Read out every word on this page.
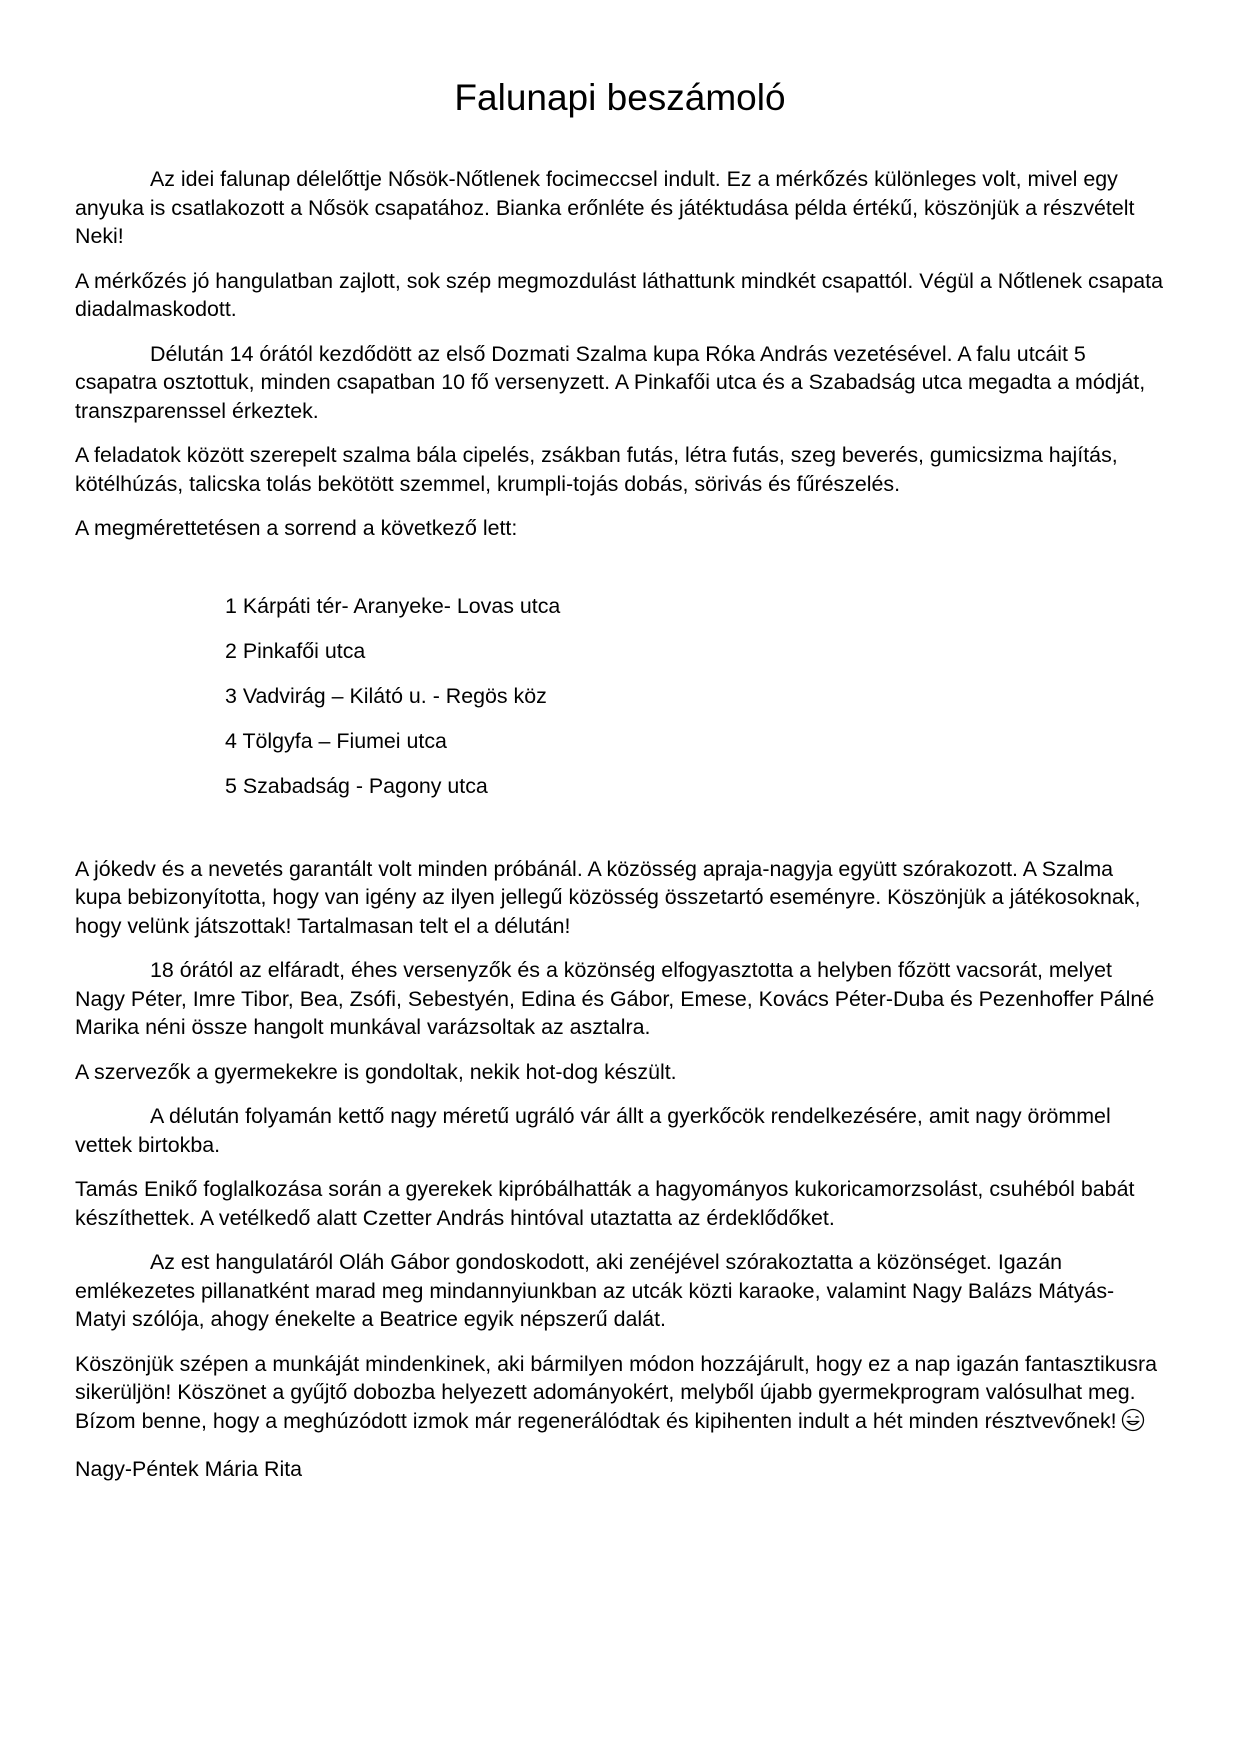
Falunapi beszámoló

Az idei falunap délelőttje Nősök-Nőtlenek focimeccsel indult. Ez a mérkőzés különleges volt, mivel egy anyuka is csatlakozott a Nősök csapatához. Bianka erőnléte és játéktudása példa értékű, köszönjük a részvételt Neki!

A mérkőzés jó hangulatban zajlott, sok szép megmozdulást láthattunk mindkét csapattól. Végül a Nőtlenek csapata diadalmaskodott.

Délután 14 órától kezdődött az első Dozmati Szalma kupa Róka András vezetésével. A falu utcáit 5 csapatra osztottuk, minden csapatban 10 fő versenyzett. A Pinkafői utca és a Szabadság utca megadta a módját, transzparenssel érkeztek.

A feladatok között szerepelt szalma bála cipelés, zsákban futás, létra futás, szeg beverés, gumicsizma hajítás, kötélhúzás, talicska tolás bekötött szemmel, krumpli-tojás dobás, sörivás és fűrészelés.

A megmérettetésen a sorrend a következő lett:

1 Kárpáti tér- Aranyeke- Lovas utca
2 Pinkafői utca
3 Vadvirág – Kilátó u. - Regös köz
4 Tölgyfa – Fiumei utca
5 Szabadság - Pagony utca

A jókedv és a nevetés garantált volt minden próbánál. A közösség apraja-nagyja együtt szórakozott. A Szalma kupa bebizonyította, hogy van igény az ilyen jellegű közösség összetartó eseményre. Köszönjük a játékosoknak, hogy velünk játszottak! Tartalmasan telt el a délután!

18 órától az elfáradt, éhes versenyzők és a közönség elfogyasztotta a helyben főzött vacsorát, melyet Nagy Péter, Imre Tibor, Bea, Zsófi, Sebestyén, Edina és Gábor, Emese, Kovács Péter-Duba és Pezenhoffer Pálné Marika néni össze hangolt munkával varázsoltak az asztalra.

A szervezők a gyermekekre is gondoltak, nekik hot-dog készült.

A délután folyamán kettő nagy méretű ugráló vár állt a gyerkőcök rendelkezésére, amit nagy örömmel vettek birtokba.

Tamás Enikő foglalkozása során a gyerekek kipróbálhatták a hagyományos kukoricamorzsolást, csuhéból babát készíthettek. A vetélkedő alatt Czetter András hintóval utaztatta az érdeklődőket.

Az est hangulatáról Oláh Gábor gondoskodott, aki zenéjével szórakoztatta a közönséget. Igazán emlékezetes pillanatként marad meg mindannyiunkban az utcák közti karaoke, valamint Nagy Balázs Mátyás- Matyi szólója, ahogy énekelte a Beatrice egyik népszerű dalát.

Köszönjük szépen a munkáját mindenkinek, aki bármilyen módon hozzájárult, hogy ez a nap igazán fantasztikusra sikerüljön! Köszönet a gyűjtő dobozba helyezett adományokért, melyből újabb gyermekprogram valósulhat meg. Bízom benne, hogy a meghúzódott izmok már regenerálódtak és kipihenten indult a hét minden résztvevőnek!

Nagy-Péntek Mária Rita
